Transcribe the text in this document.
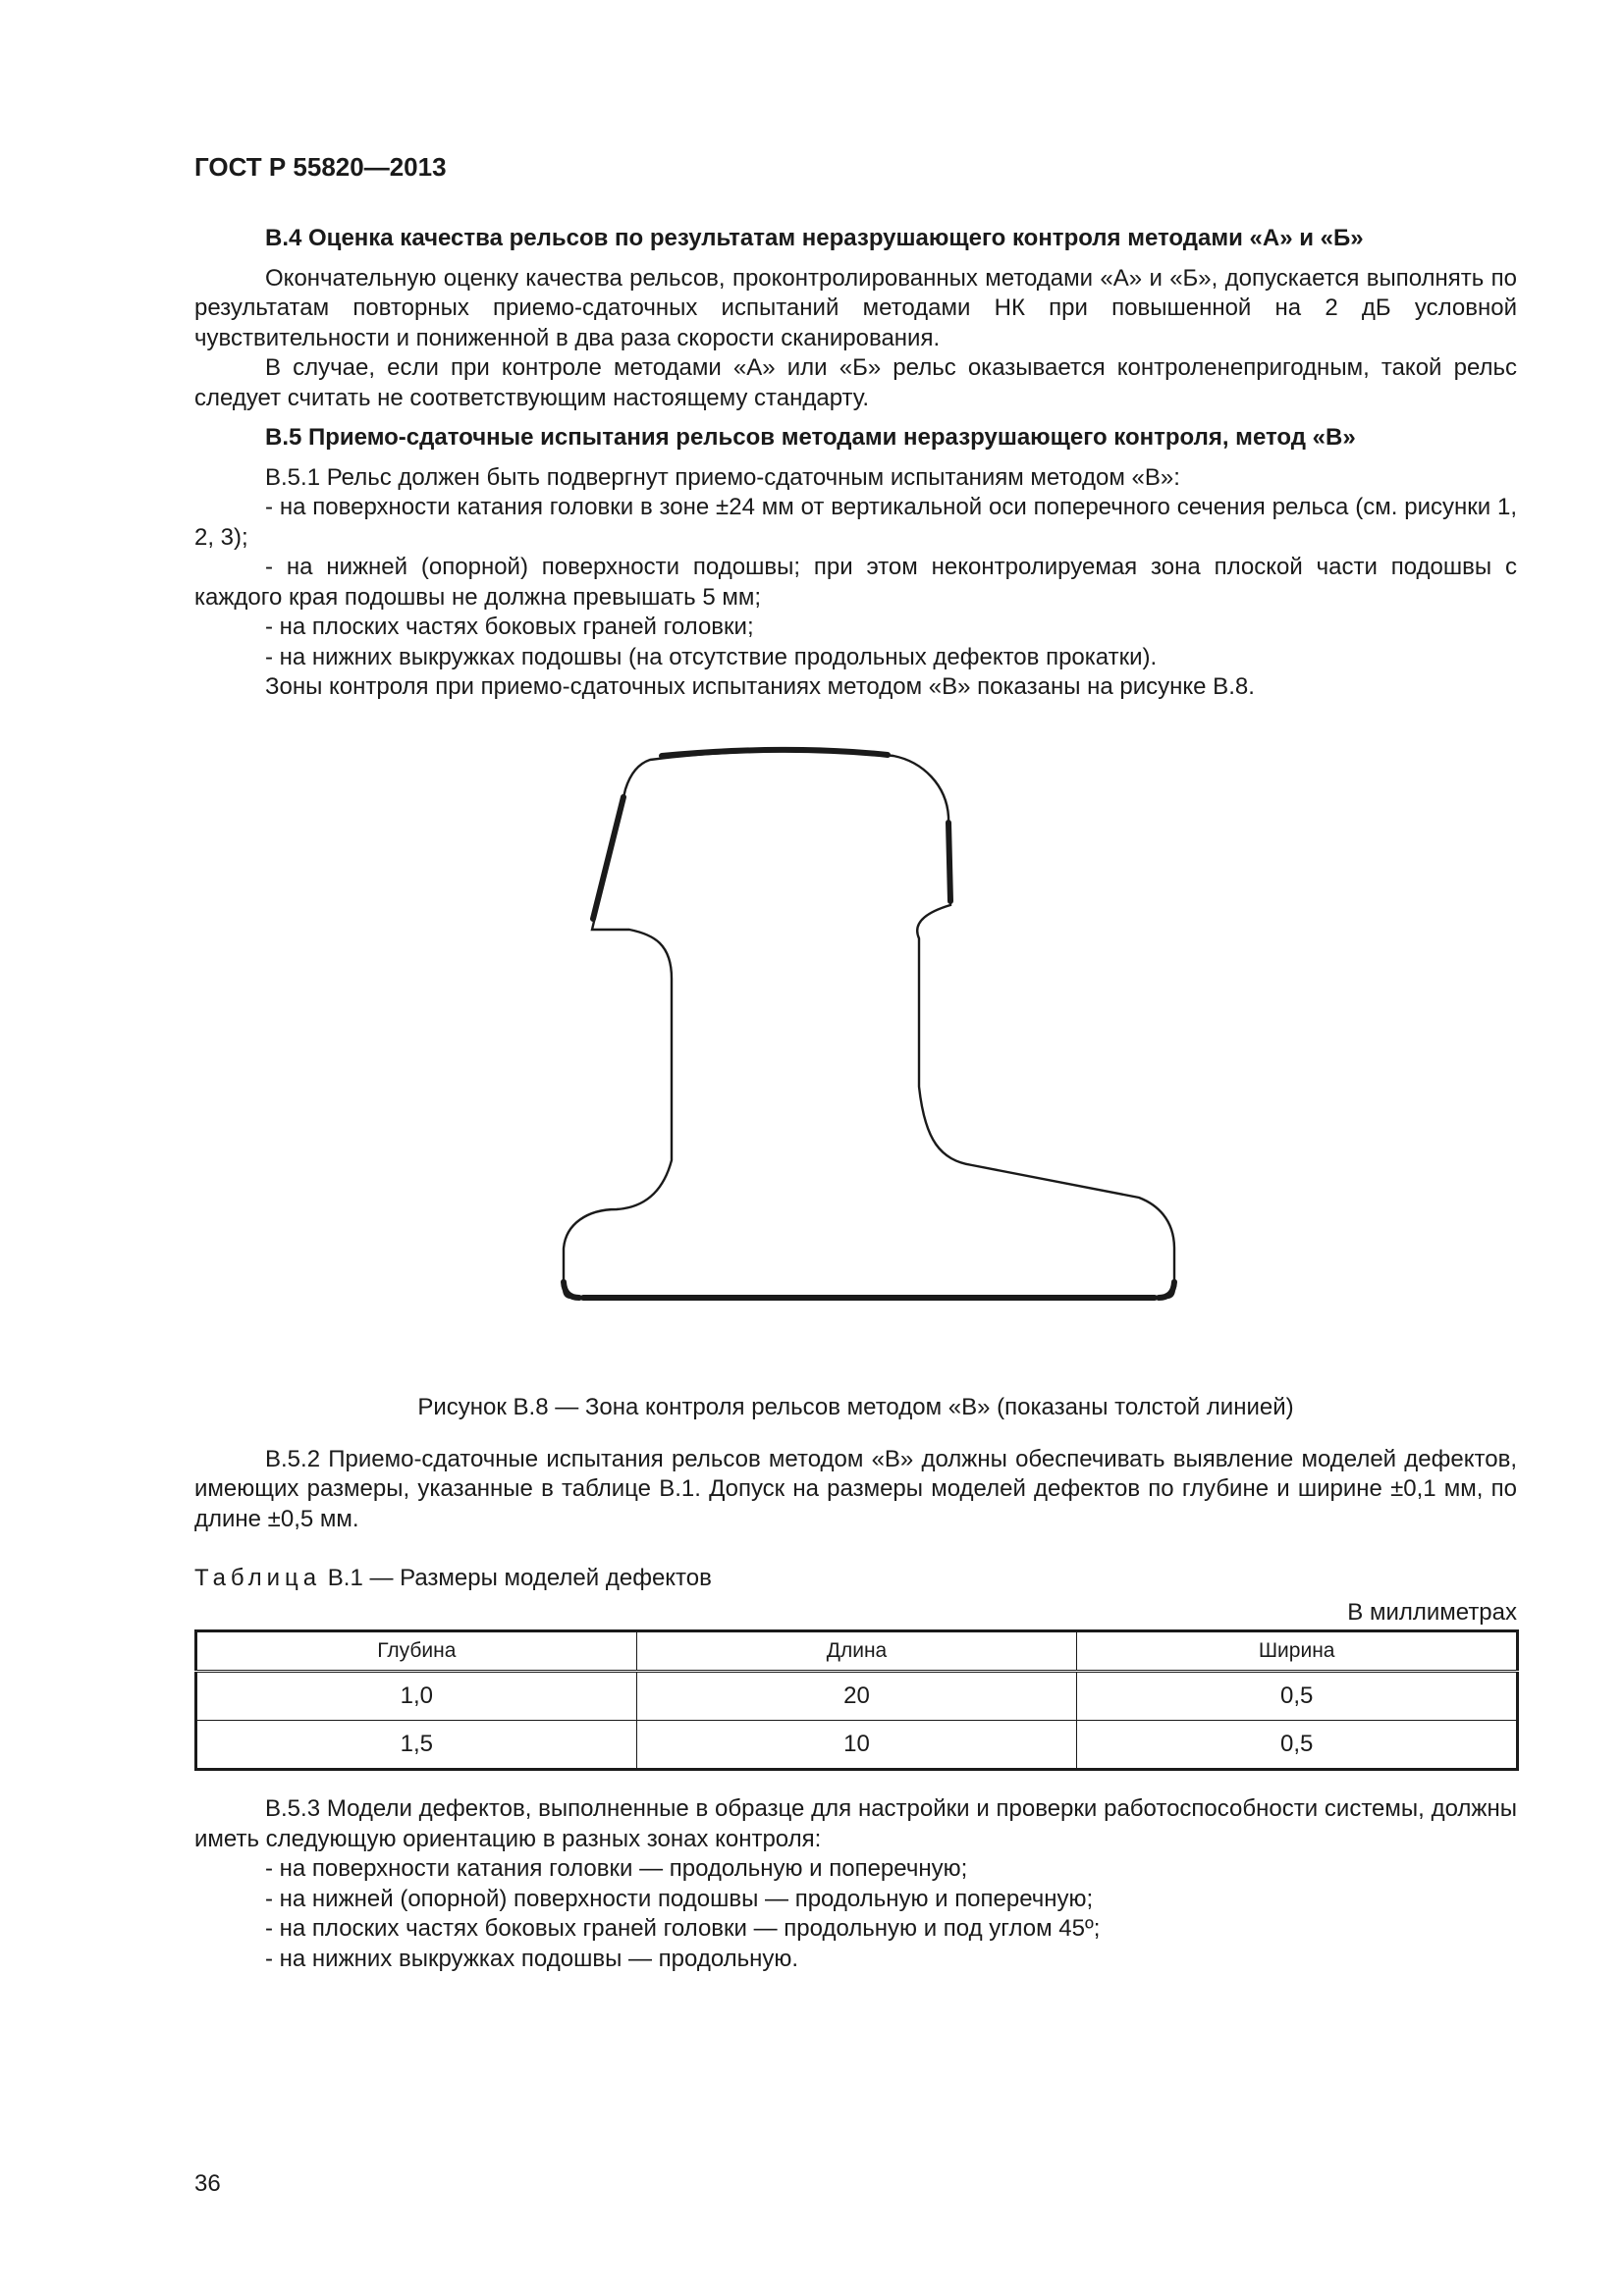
ГОСТ Р 55820—2013

В.4 Оценка качества рельсов по результатам неразрушающего контроля методами «А» и «Б»

Окончательную оценку качества рельсов, проконтролированных методами «А» и «Б», допускается выполнять по результатам повторных приемо-сдаточных испытаний методами НК при повышенной на 2 дБ условной чувствительности и пониженной в два раза скорости сканирования.

В случае, если при контроле методами «А» или «Б» рельс оказывается контроленепригодным, такой рельс следует считать не соответствующим настоящему стандарту.

В.5 Приемо-сдаточные испытания рельсов методами неразрушающего контроля, метод «В»

В.5.1 Рельс должен быть подвергнут приемо-сдаточным испытаниям методом «В»:

- на поверхности катания головки в зоне ±24 мм от вертикальной оси поперечного сечения рельса (см. рисунки 1, 2, 3);

- на нижней (опорной) поверхности подошвы; при этом неконтролируемая зона плоской части подошвы с каждого края подошвы не должна превышать 5 мм;

- на плоских частях боковых граней головки;

- на нижних выкружках подошвы (на отсутствие продольных дефектов прокатки).

Зоны контроля при приемо-сдаточных испытаниях методом «В» показаны на рисунке В.8.

Рисунок В.8 — Зона контроля рельсов методом «В» (показаны толстой линией)

В.5.2 Приемо-сдаточные испытания рельсов методом «В» должны обеспечивать выявление моделей дефектов, имеющих размеры, указанные в таблице В.1. Допуск на размеры моделей дефектов по глубине и ширине ±0,1 мм, по длине ±0,5 мм.

Таблица В.1 — Размеры моделей дефектов
В миллиметрах
Глубина	Длина	Ширина
1,0	20	0,5
1,5	10	0,5

В.5.3 Модели дефектов, выполненные в образце для настройки и проверки работоспособности системы, должны иметь следующую ориентацию в разных зонах контроля:

- на поверхности катания головки — продольную и поперечную;

- на нижней (опорной) поверхности подошвы — продольную и поперечную;

- на плоских частях боковых граней головки — продольную и под углом 45º;

- на нижних выкружках подошвы — продольную.

36
